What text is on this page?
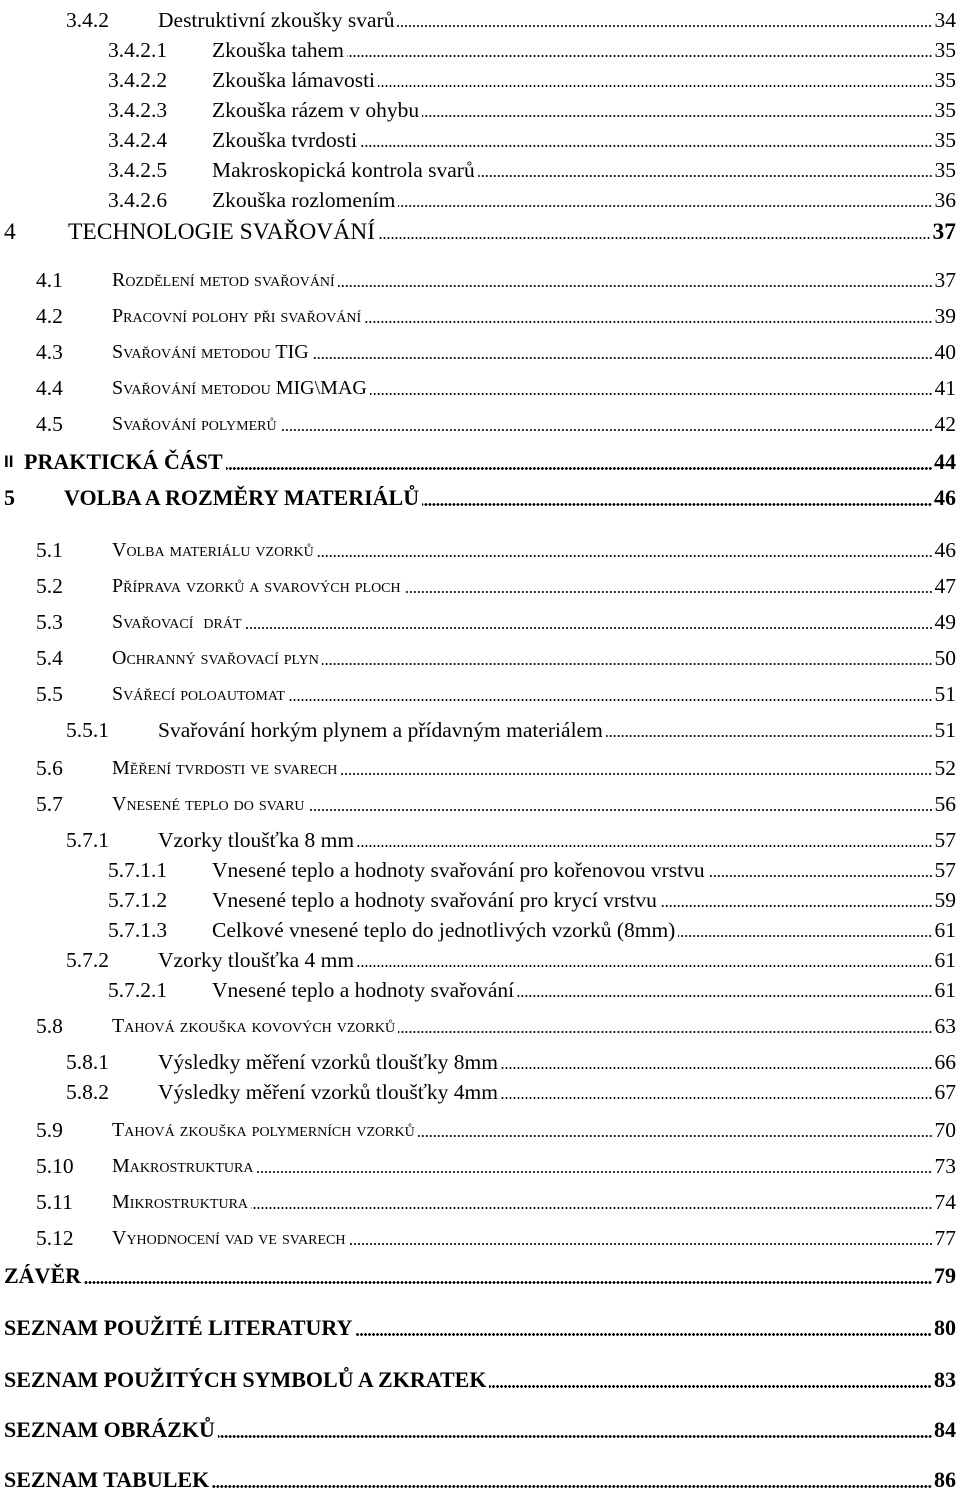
3.4.2	Destruktivní zkoušky svarů	34
3.4.2.1	Zkouška tahem	35
3.4.2.2	Zkouška lámavosti	35
3.4.2.3	Zkouška rázem v ohybu	35
3.4.2.4	Zkouška tvrdosti	35
3.4.2.5	Makroskopická kontrola svarů	35
3.4.2.6	Zkouška rozlomením	36
4	TECHNOLOGIE SVAŘOVÁNÍ	37
4.1	Rozdělení metod svařování	37
4.2	Pracovní polohy při svařování	39
4.3	Svařování metodou TIG	40
4.4	Svařování metodou MIG\MAG	41
4.5	Svařování polymerů	42
II PRAKTICKÁ ČÁST	44
5	VOLBA A ROZMĚRY MATERIÁLŮ	46
5.1	Volba materiálu vzorků	46
5.2	Příprava vzorků a svarových ploch	47
5.3	Svařovací  drát	49
5.4	Ochranný svařovací plyn	50
5.5	Svářecí poloautomat	51
5.5.1	Svařování horkým plynem a přídavným materiálem	51
5.6	Měření tvrdosti ve svarech	52
5.7	Vnesené teplo do svaru	56
5.7.1	Vzorky tloušťka 8 mm	57
5.7.1.1	Vnesené teplo a hodnoty svařování pro kořenovou vrstvu	57
5.7.1.2	Vnesené teplo a hodnoty svařování pro krycí vrstvu	59
5.7.1.3	Celkové vnesené teplo do jednotlivých vzorků (8mm)	61
5.7.2	Vzorky tloušťka 4 mm	61
5.7.2.1	Vnesené teplo a hodnoty svařování	61
5.8	Tahová zkouška kovových vzorků	63
5.8.1	Výsledky měření vzorků tloušťky 8mm	66
5.8.2	Výsledky měření vzorků tloušťky 4mm	67
5.9	Tahová zkouška polymerních vzorků	70
5.10	Makrostruktura	73
5.11	Mikrostruktura	74
5.12	Vyhodnocení vad ve svarech	77
ZÁVĚR	79
SEZNAM POUŽITÉ LITERATURY	80
SEZNAM POUŽITÝCH SYMBOLŮ A ZKRATEK	83
SEZNAM OBRÁZKŮ	84
SEZNAM TABULEK	86
